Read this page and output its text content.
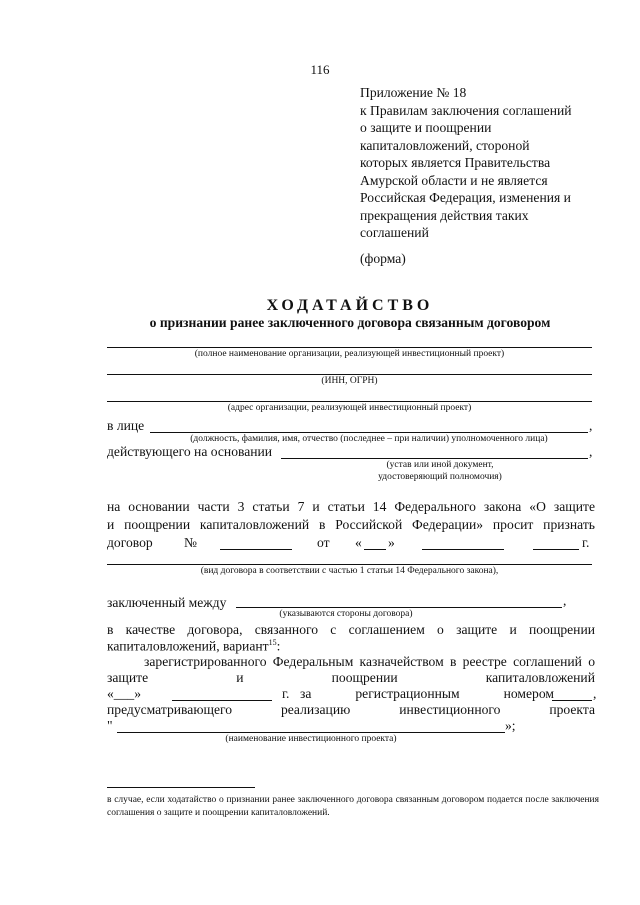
116
Приложение № 18
к Правилам заключения соглашений
о защите и поощрении
капиталовложений, стороной
которых является Правительства
Амурской области и не является
Российская Федерация, изменения и
прекращения действия таких
соглашений
(форма)
ХОДАТАЙСТВО
о признании ранее заключенного договора связанным договором
(полное наименование организации, реализующей инвестиционный проект)
(ИНН, ОГРН)
(адрес организации, реализующей инвестиционный проект)
в лице	,
(должность, фамилия, имя, отчество (последнее – при наличии) уполномоченного лица)
действующего на основании	,
(устав или иной документ,
удостоверяющий полномочия)
на основании части 3 статьи 7 и статьи 14 Федерального закона «О защите
и поощрении капиталовложений в Российской Федерации» просит признать
договор №	от « »	г.
(вид договора в соответствии с частью 1 статьи 14 Федерального закона),
заключенный между	,
(указываются стороны договора)
в качестве договора, связанного с соглашением о защите и поощрении
капиталовложений, вариант$^{15}$:
зарегистрированного Федеральным казначейством в реестре соглашений о
защите	и	поощрении	капиталовложений
«___»	г. за	регистрационным	номером	,
предусматривающего	реализацию	инвестиционного	проекта
"	»;
(наименование инвестиционного проекта)
в случае, если ходатайство о признании ранее заключенного договора связанным договором подается после заключения соглашения о защите и поощрении капиталовложений.
